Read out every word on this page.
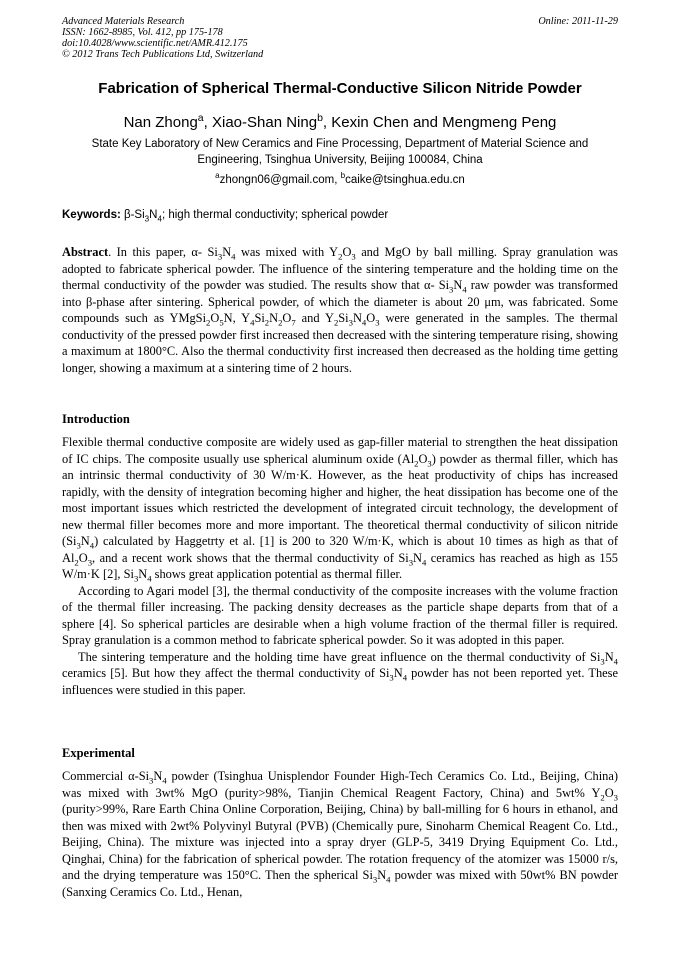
Advanced Materials Research
ISSN: 1662-8985, Vol. 412, pp 175-178
doi:10.4028/www.scientific.net/AMR.412.175
© 2012 Trans Tech Publications Ltd, Switzerland
Online: 2011-11-29
Fabrication of Spherical Thermal-Conductive Silicon Nitride Powder
Nan Zhong$^a$, Xiao-Shan Ning$^b$, Kexin Chen and Mengmeng Peng
State Key Laboratory of New Ceramics and Fine Processing, Department of Material Science and
Engineering, Tsinghua University, Beijing 100084, China
$^a$zhongn06@gmail.com, $^b$caike@tsinghua.edu.cn
Keywords: $\beta-Si_3N_4$; high thermal conductivity; spherical powder

Abstract. In this paper, α- $Si_3N_4$ was mixed with $Y_2O_3$ and MgO by ball milling. Spray granulation was adopted to fabricate spherical powder. The influence of the sintering temperature and the holding time on the thermal conductivity of the powder was studied. The results show that α- $Si_3N_4$ raw powder was transformed into β-phase after sintering. Spherical powder, of which the diameter is about 20 μm, was fabricated. Some compounds such as $YMgSi_2O_5N$, $Y_4Si_2N_2O_7$ and $Y_2Si_3N_4O_3$ were generated in the samples. The thermal conductivity of the pressed powder first increased then decreased with the sintering temperature rising, showing a maximum at 1800°C. Also the thermal conductivity first increased then decreased as the holding time getting longer, showing a maximum at a sintering time of 2 hours.

Introduction

Flexible thermal conductive composite are widely used as gap-filler material to strengthen the heat dissipation of IC chips. The composite usually use spherical aluminum oxide $(Al_2O_3)$ powder as thermal filler, which has an intrinsic thermal conductivity of 30 W/m·K. However, as the heat productivity of chips has increased rapidly, with the density of integration becoming higher and higher, the heat dissipation has become one of the most important issues which restricted the development of integrated circuit technology, the development of new thermal filler becomes more and more important. The theoretical thermal conductivity of silicon nitride $(Si_3N_4)$ calculated by Haggetrty et al. [1] is 200 to 320 W/m·K, which is about 10 times as high as that of $Al_2O_3$, and a recent work shows that the thermal conductivity of $Si_3N_4$ ceramics has reached as high as 155 W/m·K [2], $Si_3N_4$ shows great application potential as thermal filler.

According to Agari model [3], the thermal conductivity of the composite increases with the volume fraction of the thermal filler increasing. The packing density decreases as the particle shape departs from that of a sphere [4]. So spherical particles are desirable when a high volume fraction of the thermal filler is required. Spray granulation is a common method to fabricate spherical powder. So it was adopted in this paper.

The sintering temperature and the holding time have great influence on the thermal conductivity of $Si_3N_4$ ceramics [5]. But how they affect the thermal conductivity of $Si_3N_4$ powder has not been reported yet. These influences were studied in this paper.

Experimental

Commercial $\alpha-Si_3N_4$ powder (Tsinghua Unisplendor Founder High-Tech Ceramics Co. Ltd., Beijing, China) was mixed with 3wt% MgO (purity>98%, Tianjin Chemical Reagent Factory, China) and 5wt% $Y_2O_3$ (purity>99%, Rare Earth China Online Corporation, Beijing, China) by ball-milling for 6 hours in ethanol, and then was mixed with 2wt% Polyvinyl Butyral (PVB) (Chemically pure, Sinoharm Chemical Reagent Co. Ltd., Beijing, China). The mixture was injected into a spray dryer (GLP-5, 3419 Drying Equipment Co. Ltd., Qinghai, China) for the fabrication of spherical powder. The rotation frequency of the atomizer was 15000 r/s, and the drying temperature was 150°C. Then the spherical $Si_3N_4$ powder was mixed with 50wt% BN powder (Sanxing Ceramics Co. Ltd., Henan,
